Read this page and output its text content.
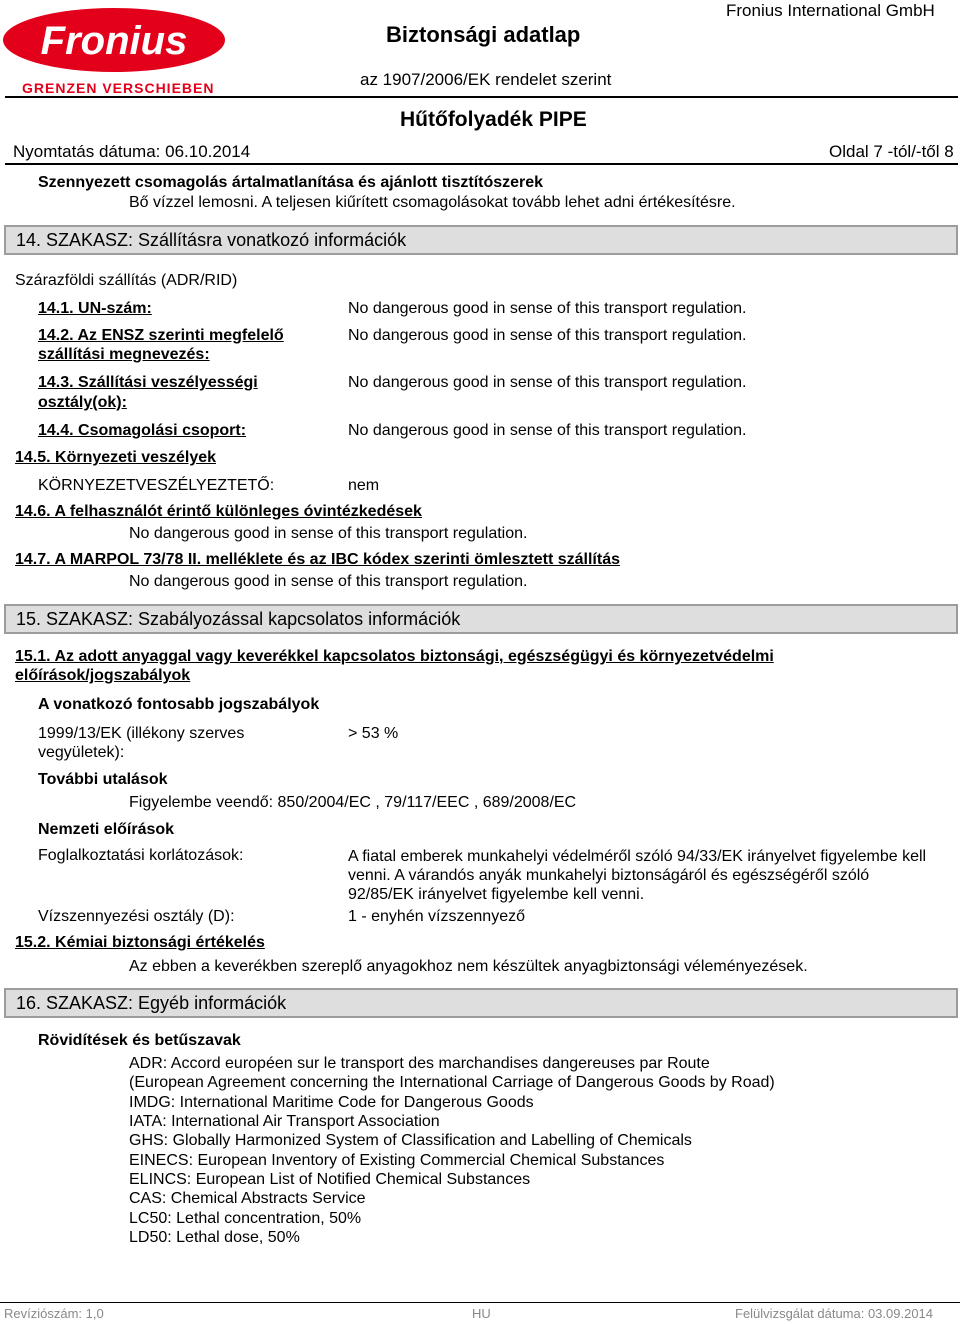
Fronius
GRENZEN VERSCHIEBEN
Biztonsági adatlap
Fronius International GmbH
az 1907/2006/EK rendelet szerint
Hűtőfolyadék PIPE
Nyomtatás dátuma: 06.10.2014	Oldal 7 -tól/-től 8
Szennyezett csomagolás ártalmatlanítása és ajánlott tisztítószerek
Bő vízzel lemosni. A teljesen kiűrített csomagolásokat tovább lehet adni értékesítésre.
14. SZAKASZ: Szállításra vonatkozó információk
Szárazföldi szállítás (ADR/RID)
14.1. UN-szám:	No dangerous good in sense of this transport regulation.
14.2. Az ENSZ szerinti megfelelő
szállítási megnevezés:
No dangerous good in sense of this transport regulation.
14.3. Szállítási veszélyességi
osztály(ok):
No dangerous good in sense of this transport regulation.
14.4. Csomagolási csoport:	No dangerous good in sense of this transport regulation.
14.5. Környezeti veszélyek
KÖRNYEZETVESZÉLYEZTETŐ:	nem
14.6. A felhasználót érintő különleges óvintézkedések
No dangerous good in sense of this transport regulation.
14.7. A MARPOL 73/78 II. melléklete és az IBC kódex szerinti ömlesztett szállítás
No dangerous good in sense of this transport regulation.
15. SZAKASZ: Szabályozással kapcsolatos információk
15.1. Az adott anyaggal vagy keverékkel kapcsolatos biztonsági, egészségügyi és környezetvédelmi
előírások/jogszabályok
A vonatkozó fontosabb jogszabályok
1999/13/EK (illékony szerves
vegyületek):
> 53 %
További utalások
Figyelembe veendő: 850/2004/EC , 79/117/EEC , 689/2008/EC
Nemzeti előírások
Foglalkoztatási korlátozások:	A fiatal emberek munkahelyi védelméről szóló 94/33/EK irányelvet figyelembe kell venni. A várandós anyák munkahelyi biztonságáról és egészségéről szóló 92/85/EK irányelvet figyelembe kell venni.
Vízszennyezési osztály (D):	1 - enyhén vízszennyező
15.2. Kémiai biztonsági értékelés
Az ebben a keverékben szereplő anyagokhoz nem készültek anyagbiztonsági véleményezések.
16. SZAKASZ: Egyéb információk
Rövidítések és betűszavak
ADR: Accord européen sur le transport des marchandises dangereuses par Route
(European Agreement concerning the International Carriage of Dangerous Goods by Road)
IMDG: International Maritime Code for Dangerous Goods
IATA: International Air Transport Association
GHS: Globally Harmonized System of Classification and Labelling of Chemicals
EINECS: European Inventory of Existing Commercial Chemical Substances
ELINCS: European List of Notified Chemical Substances
CAS: Chemical Abstracts Service
LC50: Lethal concentration, 50%
LD50: Lethal dose, 50%
Revíziószám: 1,0	HU	Felülvizsgálat dátuma: 03.09.2014
